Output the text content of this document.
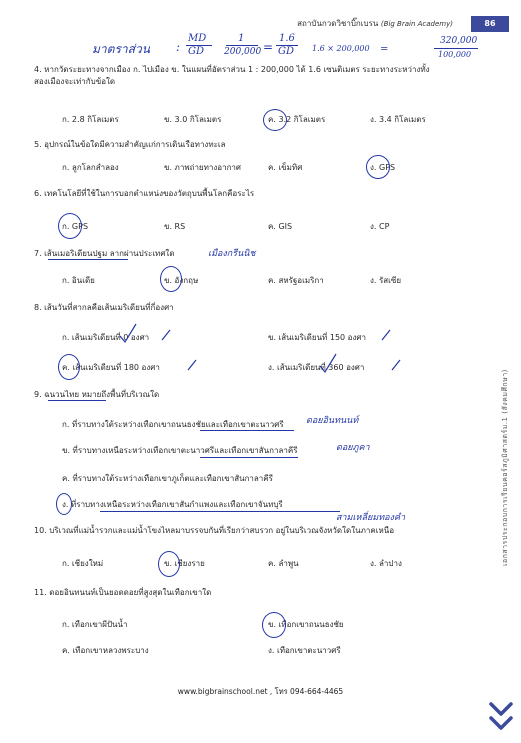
สถาบันกวดวิชาบิ๊กเบรน (Big Brain Academy)	86
มาตราส่วน :
MD
GD
1
200,000 =
1.6
GD 1.6 × 200,000 =
320,000
100,000
4. หากวัดระยะทางจากเมือง ก. ไปเมือง ข. ในแผนที่อัตราส่วน 1 : 200,000 ได้ 1.6 เซนติเมตร ระยะทางระหว่างทั้ง
สองเมืองจะเท่ากับข้อใด
ก. 2.8 กิโลเมตร	ข. 3.0 กิโลเมตร	ค. 3.2 กิโลเมตร	ง. 3.4 กิโลเมตร
5. อุปกรณ์ในข้อใดมีความสำคัญแก่การเดินเรือทางทะเล
ก. ลูกโลกสำลอง	ข. ภาพถ่ายทางอากาศ	ค. เข็มทิศ	ง. GPS
6. เทคโนโลยีที่ใช้ในการบอกตำแหน่งของวัตถุบนพื้นโลกคือระไร
ก. GPS	ข. RS	ค. GIS	ง. CP
7. เส้นเมอริเดียนปฐม ลากผ่านประเทศใด	เมืองกรีนนิช
ก. อินเดีย	ข. อังกฤษ	ค. สหรัฐอเมริกา	ง. รัสเซีย
8. เส้นวันที่สากลคือเส้นเมริเดียนที่กี่องศา
ก. เส้นเมริเดียนที่ 0 องศา	ข. เส้นเมริเดียนที่ 150 องศา
ค. เส้นเมริเดียนที่ 180 องศา	ง. เส้นเมริเดียนที่ 360 องศา
9. ฉนวนไทย หมายถึงพื้นที่บริเวณใด
ก. ที่ราบทางใต้ระหว่างเทือกเขาถนนธงชัยและเทือกเขาตะนาวศรี
ข. ที่ราบทางเหนือระหว่างเทือกเขาตะนาวศรีและเทือกเขาสันกาลาคีรี
ค. ที่ราบทางใต้ระหว่างเทือกเขาภูเก็ตและเทือกเขาสันกาลาคีรี
ง. ที่ราบทางเหนือระหว่างเทือกเขาสันกำแพงและเทือกเขาจันทบุรี
ดอยอินทนนท์
ดอยภูคา
10. บริเวณที่แม่น้ำรวกและแม่น้ำโขงไหลมาบรรจบกันที่เรียกว่าสบรวก อยู่ในบริเวณจังหวัดใดในภาคเหนือ
สามเหลี่ยมทองคำ
ก. เชียงใหม่	ข. เชียงราย	ค. ลำพูน	ง. ลำปาง
11. ดอยอินทนนท์เป็นยอดดอยที่สูงสุดในเทือกเขาใด
ก. เทือกเขาผีปันน้ำ	ข. เทือกเขาถนนธงชัย
ค. เทือกเขาหลวงพระบาง	ง. เทือกเขาตะนาวศรี
เอกสารประกอบการเรียนคอร์สภูมิศาสตร์ม.1 (สังคมศึกษา)
www.bigbrainschool.net , โทร 094-664-4465
